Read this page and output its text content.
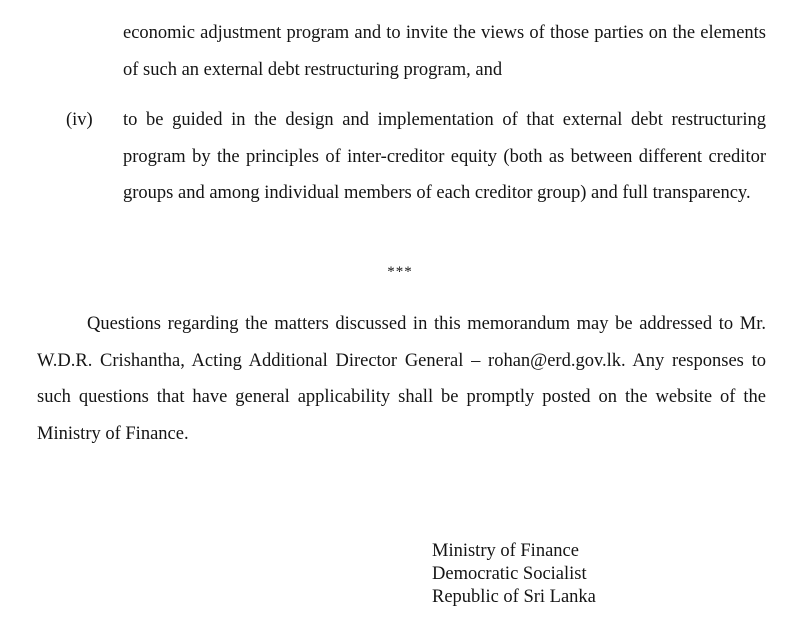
economic adjustment program and to invite the views of those parties on the elements of such an external debt restructuring program, and
(iv) to be guided in the design and implementation of that external debt restructuring program by the principles of inter-creditor equity (both as between different creditor groups and among individual members of each creditor group) and full transparency.
***
Questions regarding the matters discussed in this memorandum may be addressed to Mr. W.D.R. Crishantha, Acting Additional Director General – rohan@erd.gov.lk. Any responses to such questions that have general applicability shall be promptly posted on the website of the Ministry of Finance.
Ministry of Finance
Democratic Socialist
Republic of Sri Lanka
